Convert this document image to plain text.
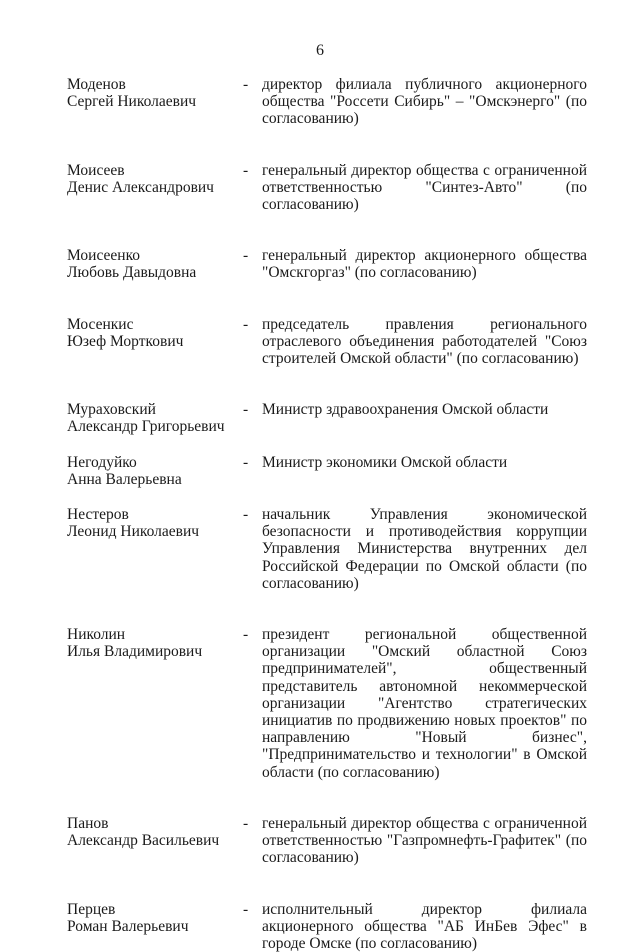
6
Моденов
Сергей Николаевич
- директор филиала публичного акционерного общества "Россети Сибирь" – "Омскэнерго" (по согласованию)
Моисеев
Денис Александрович
- генеральный директор общества с ограниченной ответственностью "Синтез-Авто" (по согласованию)
Моисеенко
Любовь Давыдовна
- генеральный директор акционерного общества "Омскгоргаз" (по согласованию)
Мосенкис
Юзеф Морткович
- председатель правления регионального отраслевого объединения работодателей "Союз строителей Омской области" (по согласованию)
Мураховский
Александр Григорьевич
- Министр здравоохранения Омской области
Негодуйко
Анна Валерьевна
- Министр экономики Омской области
Нестеров
Леонид Николаевич
- начальник Управления экономической безопасности и противодействия коррупции Управления Министерства внутренних дел Российской Федерации по Омской области (по согласованию)
Николин
Илья Владимирович
- президент региональной общественной организации "Омский областной Союз предпринимателей", общественный представитель автономной некоммерческой организации "Агентство стратегических инициатив по продвижению новых проектов" по направлению "Новый бизнес", "Предпринимательство и технологии" в Омской области (по согласованию)
Панов
Александр Васильевич
- генеральный директор общества с ограниченной ответственностью "Газпромнефть-Графитек" (по согласованию)
Перцев
Роман Валерьевич
- исполнительный директор филиала акционерного общества "АБ ИнБев Эфес" в городе Омске (по согласованию)
